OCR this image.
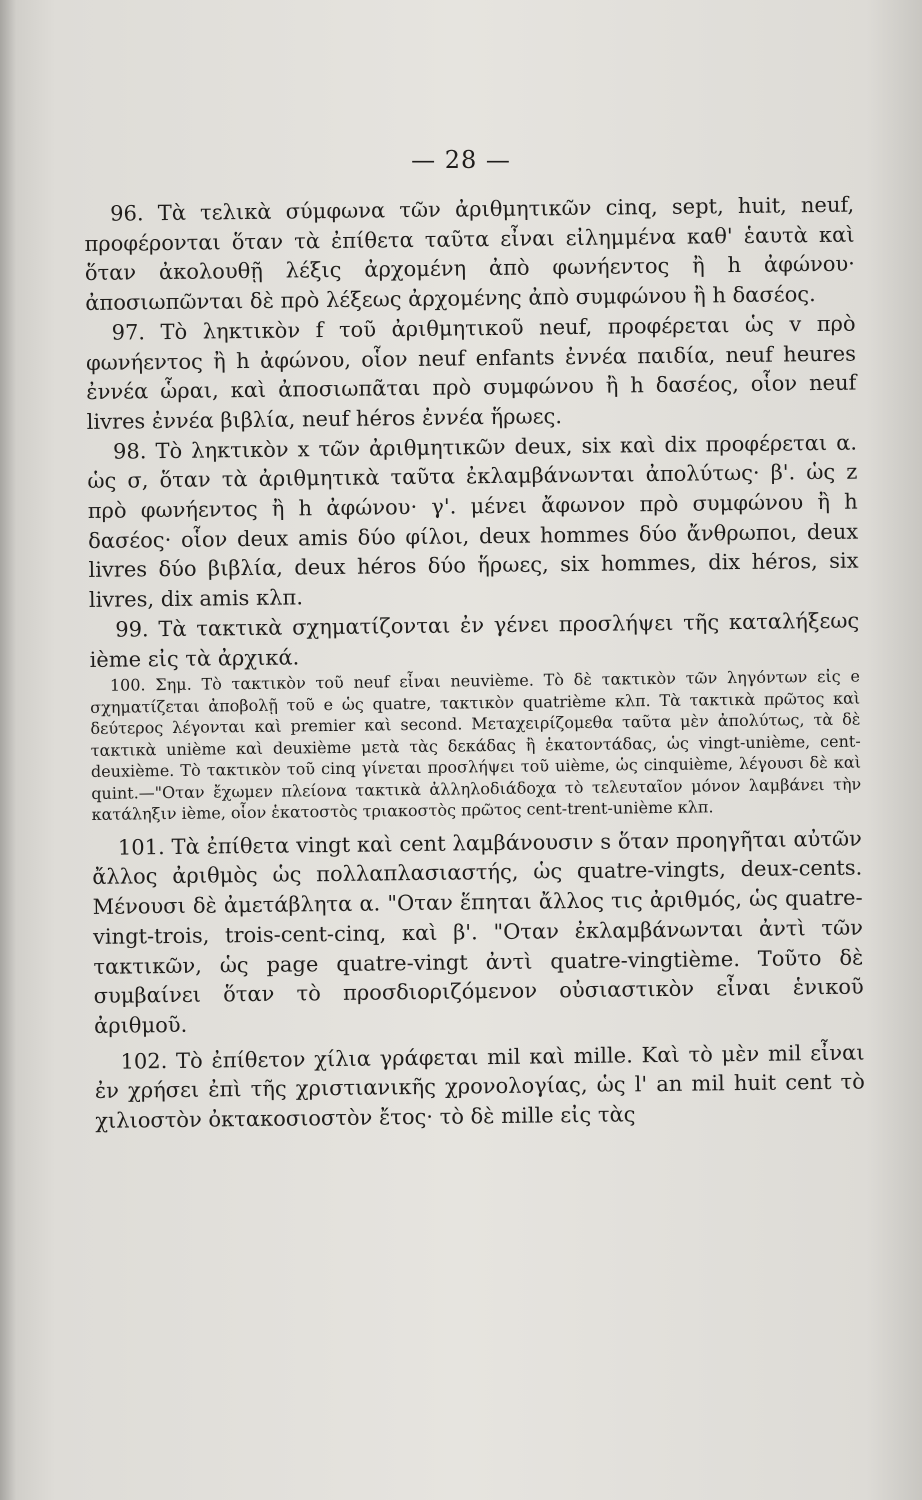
— 28 —

96. Τὰ τελικὰ σύμφωνα τῶν ἀριθμητικῶν cinq, sept, huit, neuf, προφέρονται ὅταν τὰ ἐπίθετα ταῦτα εἶναι εἰλημμένα καθ' ἑαυτὰ καὶ ὅταν ἀκολουθῇ λέξις ἀρχομένη ἀπὸ φωνήεντος ἢ h ἀφώνου· ἀποσιωπῶνται δὲ πρὸ λέξεως ἀρχομένης ἀπὸ συμφώνου ἢ h δασέος.

97. Τὸ ληκτικὸν f τοῦ ἀριθμητικοῦ neuf, προφέρεται ὡς v πρὸ φωνήεντος ἢ h ἀφώνου, οἷον neuf enfants ἐννέα παιδία, neuf heures ἐννέα ὧραι, καὶ ἀποσιωπᾶται πρὸ συμφώνου ἢ h δασέος, οἷον neuf livres ἐννέα βιβλία, neuf héros ἐννέα ἥρωες.

98. Τὸ ληκτικὸν x τῶν ἀριθμητικῶν deux, six καὶ dix προφέρεται α. ὡς σ, ὅταν τὰ ἀριθμητικὰ ταῦτα ἐκλαμβάνωνται ἀπολύτως· β'. ὡς z πρὸ φωνήεντος ἢ h ἀφώνου· γ'. μένει ἄφωνον πρὸ συμφώνου ἢ h δασέος· οἷον deux amis δύο φίλοι, deux hommes δύο ἄνθρωποι, deux livres δύο βιβλία, deux héros δύο ἥρωες, six hommes, dix héros, six livres, dix amis κλπ.

99. Τὰ τακτικὰ σχηματίζονται ἐν γένει προσλήψει τῆς καταλήξεως ième εἰς τὰ ἀρχικά.

100. Σημ. Τὸ τακτικὸν τοῦ neuf εἶναι neuvième. Τὸ δὲ τακτικὸν τῶν ληγόντων εἰς e σχηματίζεται ἀποβολῇ τοῦ e ὡς quatre, τακτικὸν quatrième κλπ. Τὰ τακτικὰ πρῶτος καὶ δεύτερος λέγονται καὶ premier καὶ second. Μεταχειρίζομεθα ταῦτα μὲν ἀπολύτως, τὰ δὲ τακτικὰ unième καὶ deuxième μετὰ τὰς δεκάδας ἢ ἑκατοντάδας, ὡς vingt-unième, cent-deuxième. Τὸ τακτικὸν τοῦ cinq γίνεται προσλήψει τοῦ uième, ὡς cinquième, λέγουσι δὲ καὶ quint.—"Οταν ἔχωμεν πλείονα τακτικὰ ἀλληλοδιάδοχα τὸ τελευταῖον μόνον λαμβάνει τὴν κατάληξιν ième, οἷον ἑκατοστὸς τριακοστὸς πρῶτος cent-trent-unième κλπ.

101. Τὰ ἐπίθετα vingt καὶ cent λαμβάνουσιν s ὅταν προηγῆται αὐτῶν ἄλλος ἀριθμὸς ὡς πολλαπλασιαστής, ὡς quatre-vingts, deux-cents. Μένουσι δὲ ἀμετάβλητα α. "Οταν ἕπηται ἄλλος τις ἀριθμός, ὡς quatre-vingt-trois, trois-cent-cinq, καὶ β'. "Οταν ἐκλαμβάνωνται ἀντὶ τῶν τακτικῶν, ὡς page quatre-vingt ἀντὶ quatre-vingtième. Τοῦτο δὲ συμβαίνει ὅταν τὸ προσδιοριζόμενον οὐσιαστικὸν εἶναι ἑνικοῦ ἀριθμοῦ.

102. Τὸ ἐπίθετον χίλια γράφεται mil καὶ mille. Καὶ τὸ μὲν mil εἶναι ἐν χρήσει ἐπὶ τῆς χριστιανικῆς χρονολογίας, ὡς l' an mil huit cent τὸ χιλιοστὸν ὀκτακοσιοστὸν ἔτος· τὸ δὲ mille εἰς τὰς
